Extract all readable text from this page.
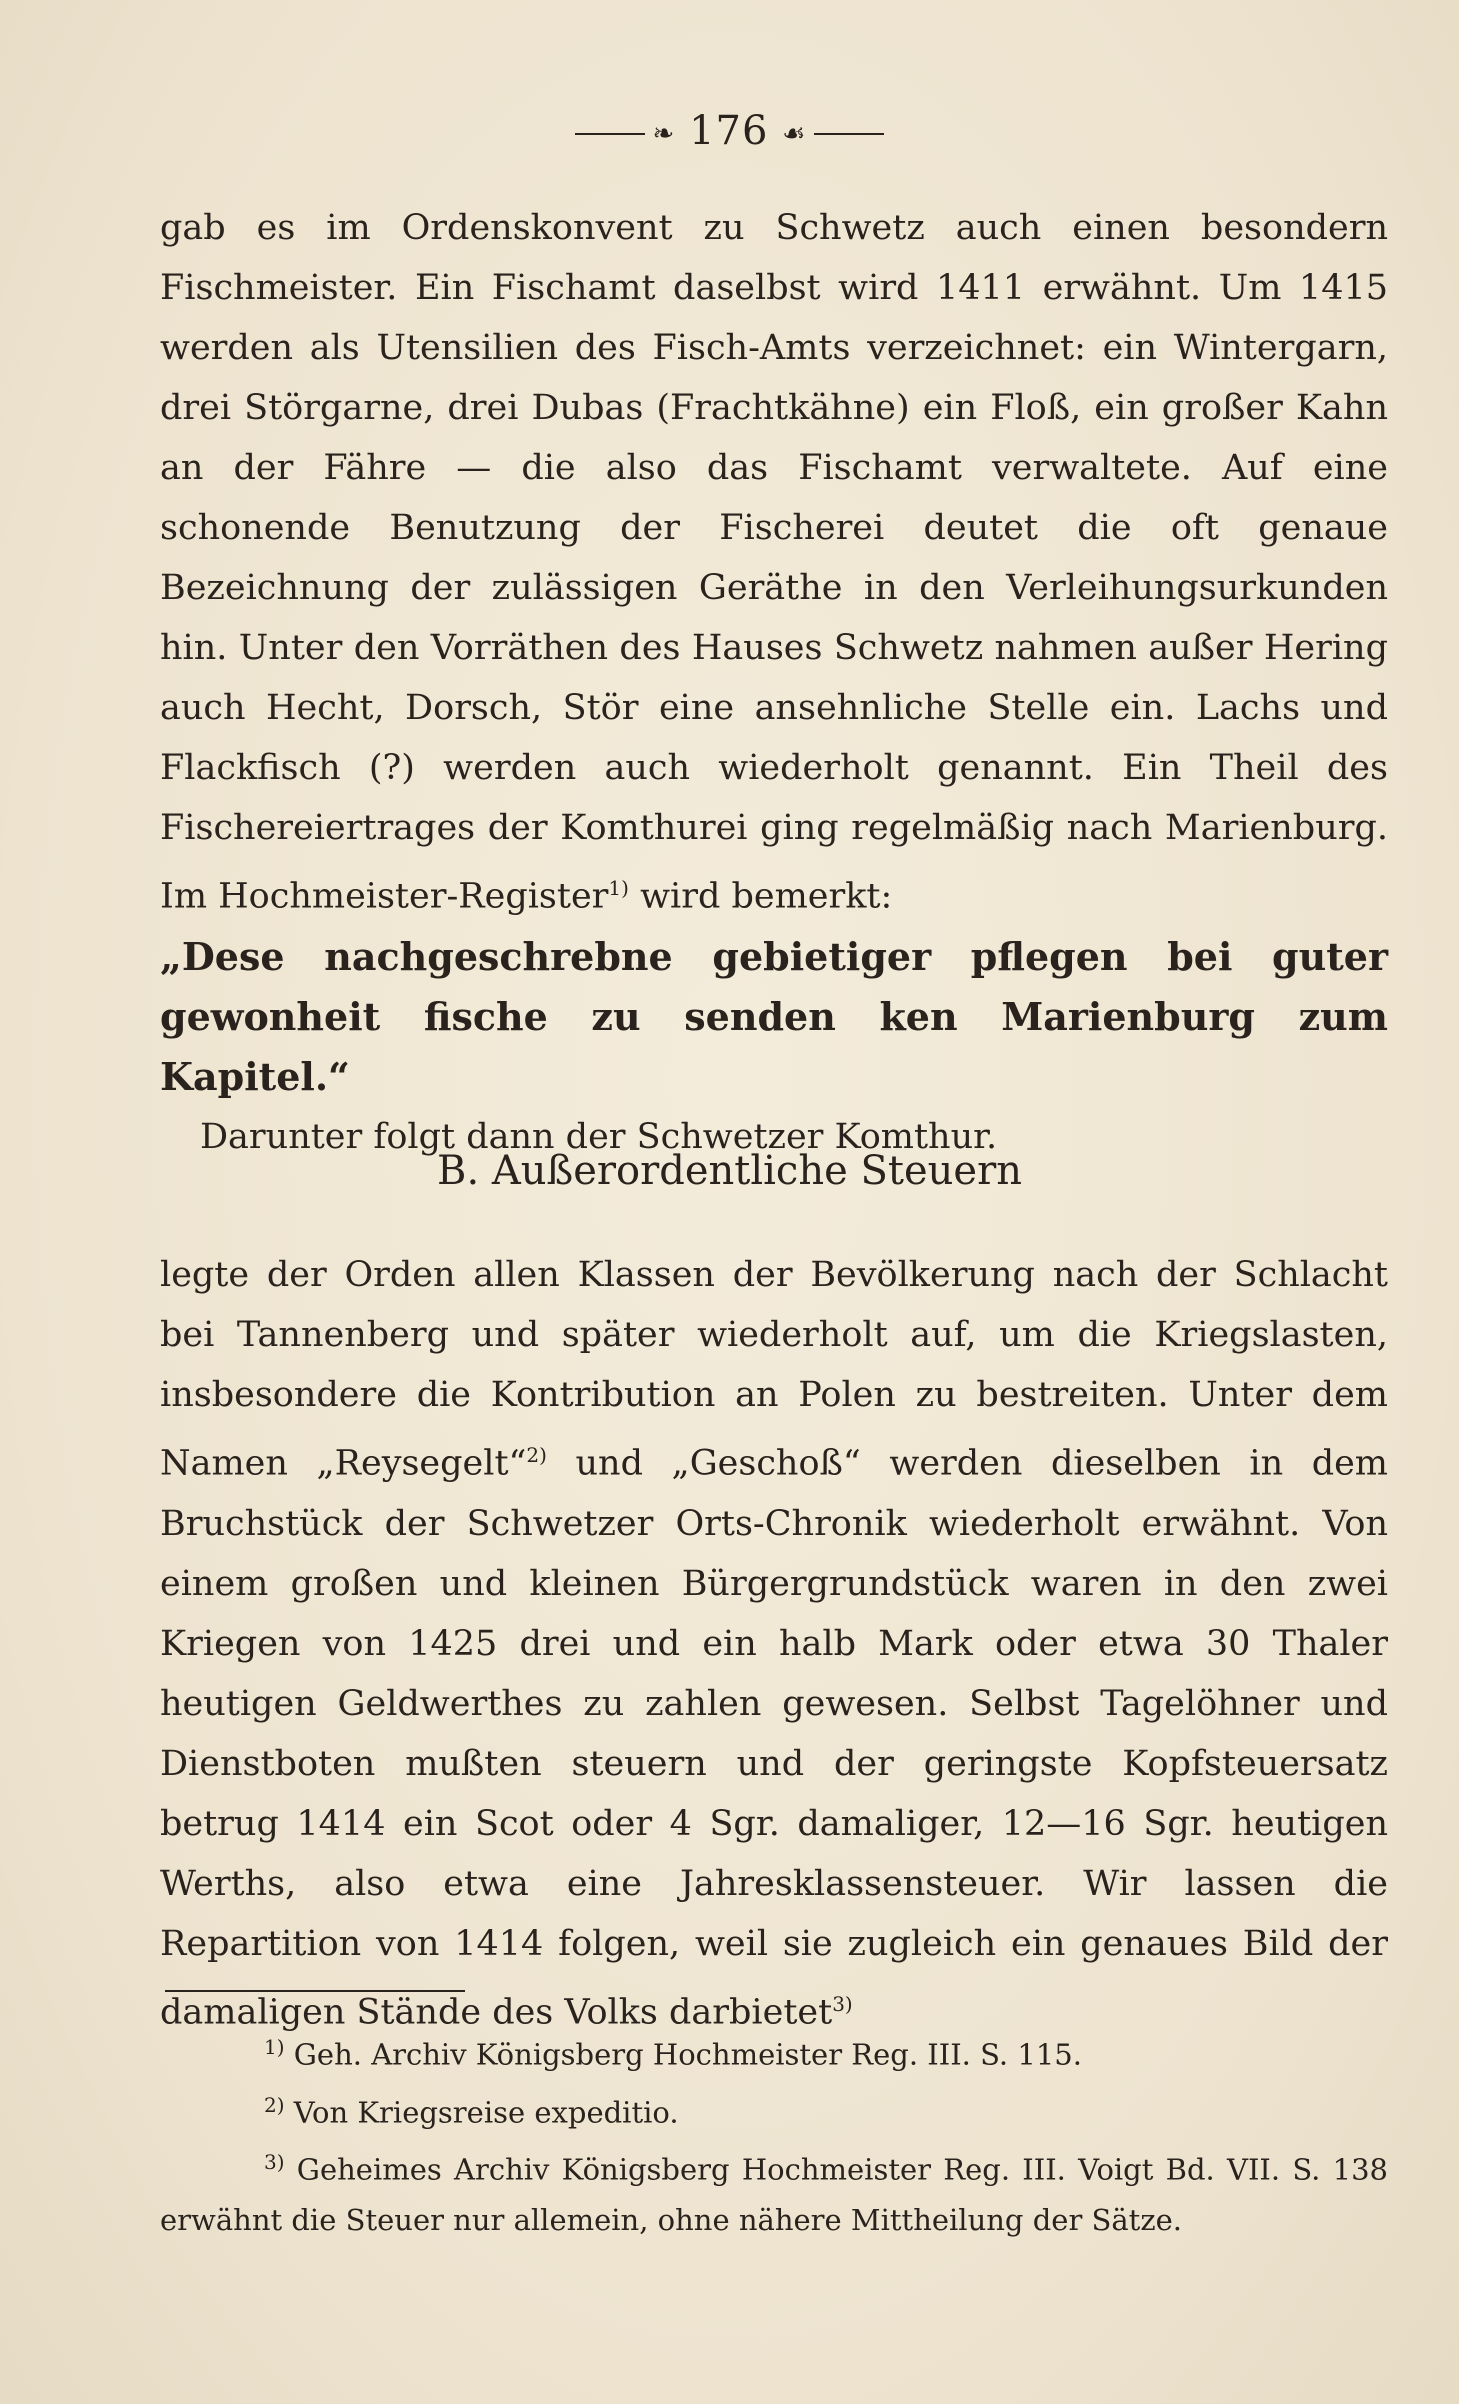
❧ 176 ☙

gab es im Ordenskonvent zu Schwetz auch einen besondern Fischmeister. Ein Fischamt daselbst wird 1411 erwähnt. Um 1415 werden als Utensilien des Fisch-Amts verzeichnet: ein Wintergarn, drei Störgarne, drei Dubas (Frachtkähne) ein Floß, ein großer Kahn an der Fähre — die also das Fischamt verwaltete. Auf eine schonende Benutzung der Fischerei deutet die oft genaue Bezeichnung der zulässigen Geräthe in den Verleihungsurkunden hin. Unter den Vorräthen des Hauses Schwetz nahmen außer Hering auch Hecht, Dorsch, Stör eine ansehnliche Stelle ein. Lachs und Flackfisch (?) werden auch wiederholt genannt. Ein Theil des Fischereiertrages der Komthurei ging regelmäßig nach Marienburg. Im Hochmeister-Register$^{1)}$ wird bemerkt:

„Dese nachgeschrebne gebietiger pflegen bei guter gewonheit fische zu senden ken Marienburg zum Kapitel.“

Darunter folgt dann der Schwetzer Komthur.

B. Außerordentliche Steuern

legte der Orden allen Klassen der Bevölkerung nach der Schlacht bei Tannenberg und später wiederholt auf, um die Kriegslasten, insbesondere die Kontribution an Polen zu bestreiten. Unter dem Namen „Reysegelt“$^{2)}$ und „Geschoß“ werden dieselben in dem Bruchstück der Schwetzer Orts-Chronik wiederholt erwähnt. Von einem großen und kleinen Bürgergrundstück waren in den zwei Kriegen von 1425 drei und ein halb Mark oder etwa 30 Thaler heutigen Geldwerthes zu zahlen gewesen. Selbst Tagelöhner und Dienstboten mußten steuern und der geringste Kopfsteuersatz betrug 1414 ein Scot oder 4 Sgr. damaliger, 12—16 Sgr. heutigen Werths, also etwa eine Jahresklassensteuer. Wir lassen die Repartition von 1414 folgen, weil sie zugleich ein genaues Bild der damaligen Stände des Volks darbietet$^{3)}$

$^{1)}$ Geh. Archiv Königsberg Hochmeister Reg. III. S. 115.

$^{2)}$ Von Kriegsreise expeditio.

$^{3)}$ Geheimes Archiv Königsberg Hochmeister Reg. III. Voigt Bd. VII. S. 138 erwähnt die Steuer nur allemein, ohne nähere Mittheilung der Sätze.
